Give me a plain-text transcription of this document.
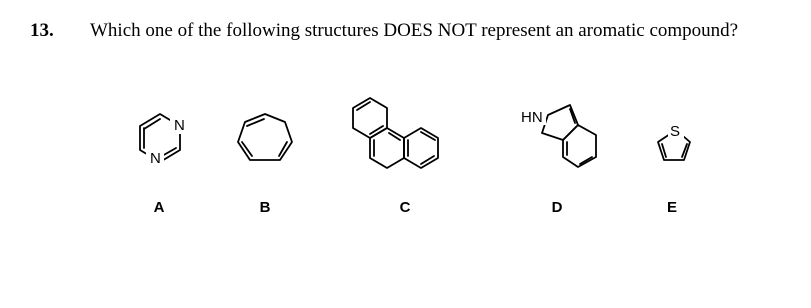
13. Which one of the following structures DOES NOT represent an aromatic compound?
N
N
HN
S
A	B	C	D	E
